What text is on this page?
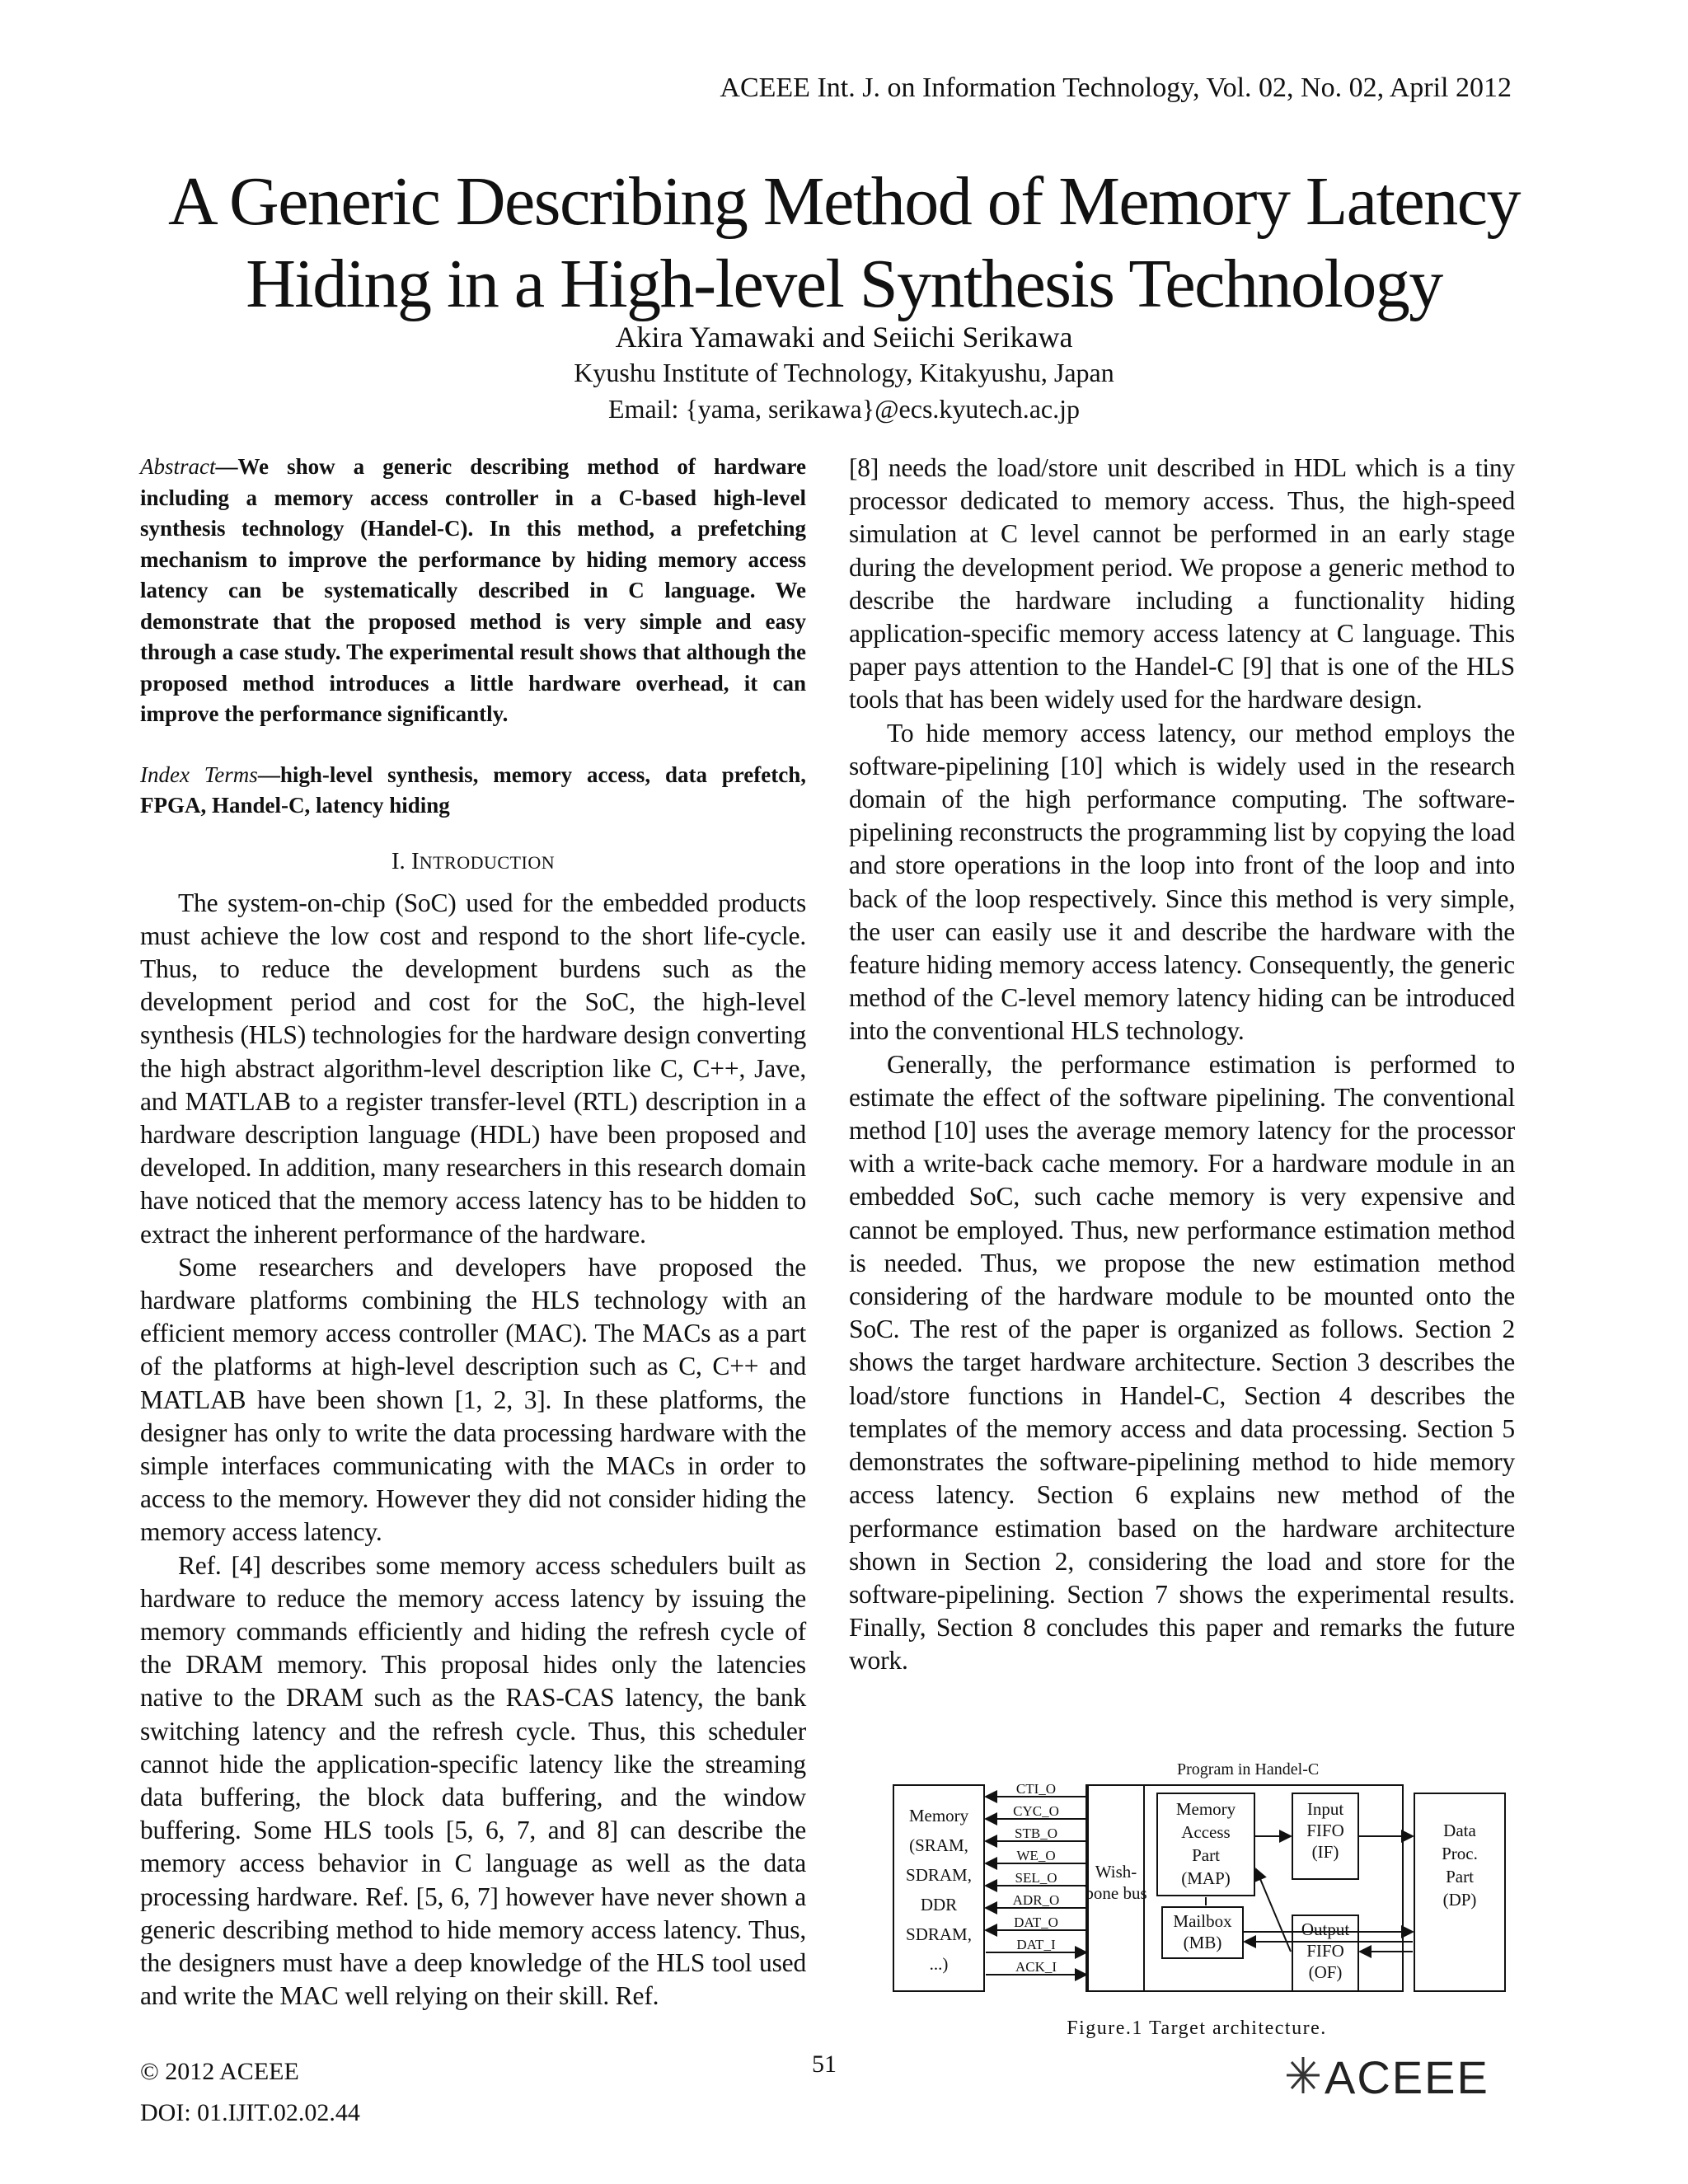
ACEEE Int. J. on Information Technology, Vol. 02, No. 02, April 2012
A Generic Describing Method of Memory Latency
Hiding in a High-level Synthesis Technology
Akira Yamawaki and Seiichi Serikawa
Kyushu Institute of Technology, Kitakyushu, Japan
Email: {yama, serikawa}@ecs.kyutech.ac.jp

Abstract—We show a generic describing method of hardware including a memory access controller in a C-based high-level synthesis technology (Handel-C). In this method, a prefetching mechanism to improve the performance by hiding memory access latency can be systematically described in C language. We demonstrate that the proposed method is very simple and easy through a case study. The experimental result shows that although the proposed method introduces a little hardware overhead, it can improve the performance significantly.

Index Terms—high-level synthesis, memory access, data prefetch, FPGA, Handel-C, latency hiding

I. INTRODUCTION

The system-on-chip (SoC) used for the embedded products must achieve the low cost and respond to the short life-cycle. Thus, to reduce the development burdens such as the development period and cost for the SoC, the high-level synthesis (HLS) technologies for the hardware design converting the high abstract algorithm-level description like C, C++, Jave, and MATLAB to a register transfer-level (RTL) description in a hardware description language (HDL) have been proposed and developed. In addition, many researchers in this research domain have noticed that the memory access latency has to be hidden to extract the inherent performance of the hardware.

Some researchers and developers have proposed the hardware platforms combining the HLS technology with an efficient memory access controller (MAC). The MACs as a part of the platforms at high-level description such as C, C++ and MATLAB have been shown [1, 2, 3]. In these platforms, the designer has only to write the data processing hardware with the simple interfaces communicating with the MACs in order to access to the memory. However they did not consider hiding the memory access latency.

Ref. [4] describes some memory access schedulers built as hardware to reduce the memory access latency by issuing the memory commands efficiently and hiding the refresh cycle of the DRAM memory. This proposal hides only the latencies native to the DRAM such as the RAS-CAS latency, the bank switching latency and the refresh cycle. Thus, this scheduler cannot hide the application-specific latency like the streaming data buffering, the block data buffering, and the window buffering. Some HLS tools [5, 6, 7, and 8] can describe the memory access behavior in C language as well as the data processing hardware. Ref. [5, 6, 7] however have never shown a generic describing method to hide memory access latency. Thus, the designers must have a deep knowledge of the HLS tool used and write the MAC well relying on their skill. Ref.

[8] needs the load/store unit described in HDL which is a tiny processor dedicated to memory access. Thus, the high-speed simulation at C level cannot be performed in an early stage during the development period. We propose a generic method to describe the hardware including a functionality hiding application-specific memory access latency at C language. This paper pays attention to the Handel-C [9] that is one of the HLS tools that has been widely used for the hardware design.

To hide memory access latency, our method employs the software-pipelining [10] which is widely used in the research domain of the high performance computing. The software-pipelining reconstructs the programming list by copying the load and store operations in the loop into front of the loop and into back of the loop respectively. Since this method is very simple, the user can easily use it and describe the hardware with the feature hiding memory access latency. Consequently, the generic method of the C-level memory latency hiding can be introduced into the conventional HLS technology.

Generally, the performance estimation is performed to estimate the effect of the software pipelining. The conventional method [10] uses the average memory latency for the processor with a write-back cache memory. For a hardware module in an embedded SoC, such cache memory is very expensive and cannot be employed. Thus, new performance estimation method is needed. Thus, we propose the new estimation method considering of the hardware module to be mounted onto the SoC. The rest of the paper is organized as follows. Section 2 shows the target hardware architecture. Section 3 describes the load/store functions in Handel-C, Section 4 describes the templates of the memory access and data processing. Section 5 demonstrates the software-pipelining method to hide memory access latency. Section 6 explains new method of the performance estimation based on the hardware architecture shown in Section 2, considering the load and store for the software-pipelining. Section 7 shows the experimental results. Finally, Section 8 concludes this paper and remarks the future work.

Program in Handel-C
Memory
(SRAM,
SDRAM,
DDR
SDRAM,
...)
CTI_O
CYC_O
STB_O
WE_O
SEL_O
ADR_O
DAT_O
DAT_I
ACK_I
Wish-
bone bus
Memory
Access
Part
(MAP)
Mailbox
(MB)
Input
FIFO
(IF)
Output
FIFO
(OF)
Data
Proc.
Part
(DP)
Figure.1 Target architecture.
51
© 2012 ACEEE
DOI: 01.IJIT.02.02.44
ACEEE
